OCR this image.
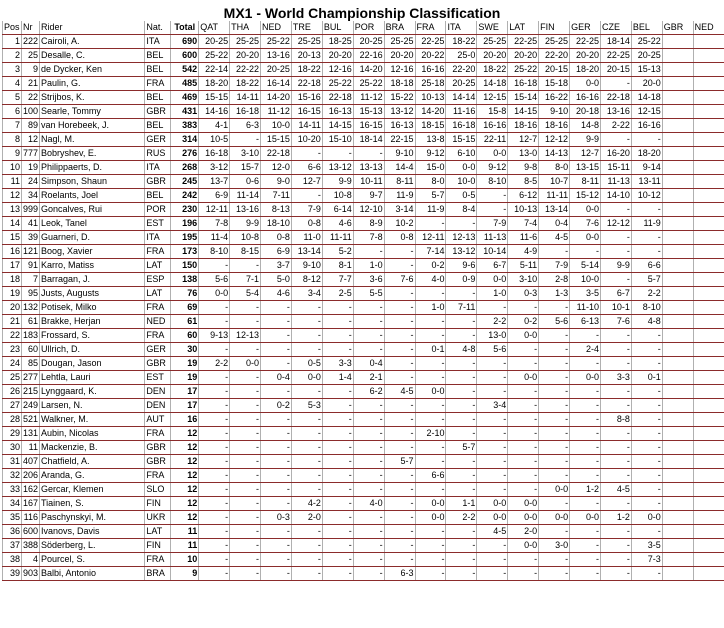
MX1 - World Championship Classification
Pos	Nr	Rider	Nat.	Total	QAT	THA	NED	TRE	BUL	POR	BRA	FRA	ITA	SWE	LAT	FIN	GER	CZE	BEL	GBR	NED
1	222	Cairoli, A.	ITA	690	20-25	25-25	25-22	25-25	18-25	20-25	25-25	22-25	18-22	25-25	22-25	25-25	22-25	18-14	25-22		
2	25	Desalle, C.	BEL	600	25-22	20-20	13-16	20-13	20-20	22-16	20-20	20-22	25-0	20-20	20-20	22-20	20-20	22-25	20-25		
3	9	de Dycker, Ken	BEL	542	22-14	22-22	20-25	18-22	12-16	14-20	12-16	16-16	22-20	18-22	25-22	20-15	18-20	20-15	15-13		
4	21	Paulin, G.	FRA	485	18-20	18-22	16-14	22-18	25-22	25-22	18-18	25-18	20-25	14-18	16-18	15-18	0-0	-	20-0		
5	22	Strijbos, K.	BEL	469	15-15	14-11	14-20	15-16	22-18	11-12	15-22	10-13	14-14	12-15	15-14	16-22	16-16	22-18	14-18		
6	100	Searle, Tommy	GBR	431	14-16	16-18	11-12	16-15	16-13	15-13	13-12	14-20	11-16	15-8	14-15	9-10	20-18	13-16	12-15		
7	89	van Horebeek, J.	BEL	383	4-1	6-3	10-0	14-11	14-15	16-15	16-13	18-15	16-18	16-16	18-16	18-16	14-8	2-22	16-16		
8	12	Nagl, M.	GER	314	10-5	-	15-15	10-20	15-10	18-14	22-15	13-8	15-15	22-11	12-7	12-12	9-9	-	-		
9	777	Bobryshev, E.	RUS	276	16-18	3-10	22-18	-	-	-	9-10	9-12	6-10	0-0	13-0	14-13	12-7	16-20	18-20		
10	19	Philippaerts, D.	ITA	268	3-12	15-7	12-0	6-6	13-12	13-13	14-4	15-0	0-0	9-12	9-8	8-0	13-15	15-11	9-14		
11	24	Simpson, Shaun	GBR	245	13-7	0-6	9-0	12-7	9-9	10-11	8-11	8-0	10-0	8-10	8-5	10-7	8-11	11-13	13-11		
12	34	Roelants, Joel	BEL	242	6-9	11-14	7-11	-	10-8	9-7	11-9	5-7	0-5	-	6-12	11-11	15-12	14-10	10-12		
13	999	Goncalves, Rui	POR	230	12-11	13-16	8-13	7-9	6-14	12-10	3-14	11-9	8-4	-	10-13	13-14	0-0	-	-		
14	41	Leok, Tanel	EST	196	7-8	9-9	18-10	0-8	4-6	8-9	10-2	-	-	7-9	7-4	0-4	7-6	12-12	11-9		
15	39	Guarneri, D.	ITA	195	11-4	10-8	0-8	11-0	11-11	7-8	0-8	12-11	12-13	11-13	11-6	4-5	0-0	-	-		
16	121	Boog, Xavier	FRA	173	8-10	8-15	6-9	13-14	5-2	-	-	7-14	13-12	10-14	4-9	-	-	-	-		
17	91	Karro, Matiss	LAT	150	-	-	3-7	9-10	8-1	1-0	-	0-2	9-6	6-7	5-11	7-9	5-14	9-9	6-6		
18	7	Barragan, J.	ESP	138	5-6	7-1	5-0	8-12	7-7	3-6	7-6	4-0	0-9	0-0	3-10	2-8	10-0	-	5-7		
19	95	Justs, Augusts	LAT	76	0-0	5-4	4-6	3-4	2-5	5-5	-	-	-	1-0	0-3	1-3	3-5	6-7	2-2		
20	132	Potisek, Milko	FRA	69	-	-	-	-	-	-	-	1-0	7-11	-	-	-	11-10	10-1	8-10		
21	61	Brakke, Herjan	NED	61	-	-	-	-	-	-	-	-	-	2-2	0-2	5-6	6-13	7-6	4-8		
22	183	Frossard, S.	FRA	60	9-13	12-13	-	-	-	-	-	-	-	13-0	0-0	-	-	-	-		
23	60	Ullrich, D.	GER	30	-	-	-	-	-	-	-	0-1	4-8	5-6	-	-	2-4	-	-		
24	85	Dougan, Jason	GBR	19	2-2	0-0	-	0-5	3-3	0-4	-	-	-	-	-	-	-	-	-		
25	277	Lehtla, Lauri	EST	19	-	-	0-4	0-0	1-4	2-1	-	-	-	-	0-0	-	0-0	3-3	0-1		
26	215	Lynggaard, K.	DEN	17	-	-	-	-	-	6-2	4-5	0-0	-	-	-	-	-	-	-		
27	249	Larsen, N.	DEN	17	-	-	0-2	5-3	-	-	-	-	-	3-4	-	-	-	-	-		
28	521	Walkner, M.	AUT	16	-	-	-	-	-	-	-	-	-	-	-	-	-	8-8	-		
29	131	Aubin, Nicolas	FRA	12	-	-	-	-	-	-	-	2-10	-	-	-	-	-	-	-		
30	11	Mackenzie, B.	GBR	12	-	-	-	-	-	-	-	-	5-7	-	-	-	-	-	-		
31	407	Chatfield, A.	GBR	12	-	-	-	-	-	-	5-7	-	-	-	-	-	-	-	-		
32	206	Aranda, G.	FRA	12	-	-	-	-	-	-	-	6-6	-	-	-	-	-	-	-		
33	162	Gercar, Klemen	SLO	12	-	-	-	-	-	-	-	-	-	-	-	0-0	1-2	4-5	-		
34	167	Tiainen, S.	FIN	12	-	-	-	4-2	-	4-0	-	0-0	1-1	0-0	0-0	-	-	-	-		
35	116	Paschynskyi, M.	UKR	12	-	-	0-3	2-0	-	-	-	0-0	2-2	0-0	0-0	0-0	0-0	1-2	0-0		
36	600	Ivanovs, Davis	LAT	11	-	-	-	-	-	-	-	-	-	4-5	2-0	-	-	-	-		
37	388	Söderberg, L.	FIN	11	-	-	-	-	-	-	-	-	-	-	0-0	3-0	-	-	3-5		
38	4	Pourcel, S.	FRA	10	-	-	-	-	-	-	-	-	-	-	-	-	-	-	7-3		
39	903	Balbi, Antonio	BRA	9	-	-	-	-	-	-	6-3	-	-	-	-	-	-	-	-		
